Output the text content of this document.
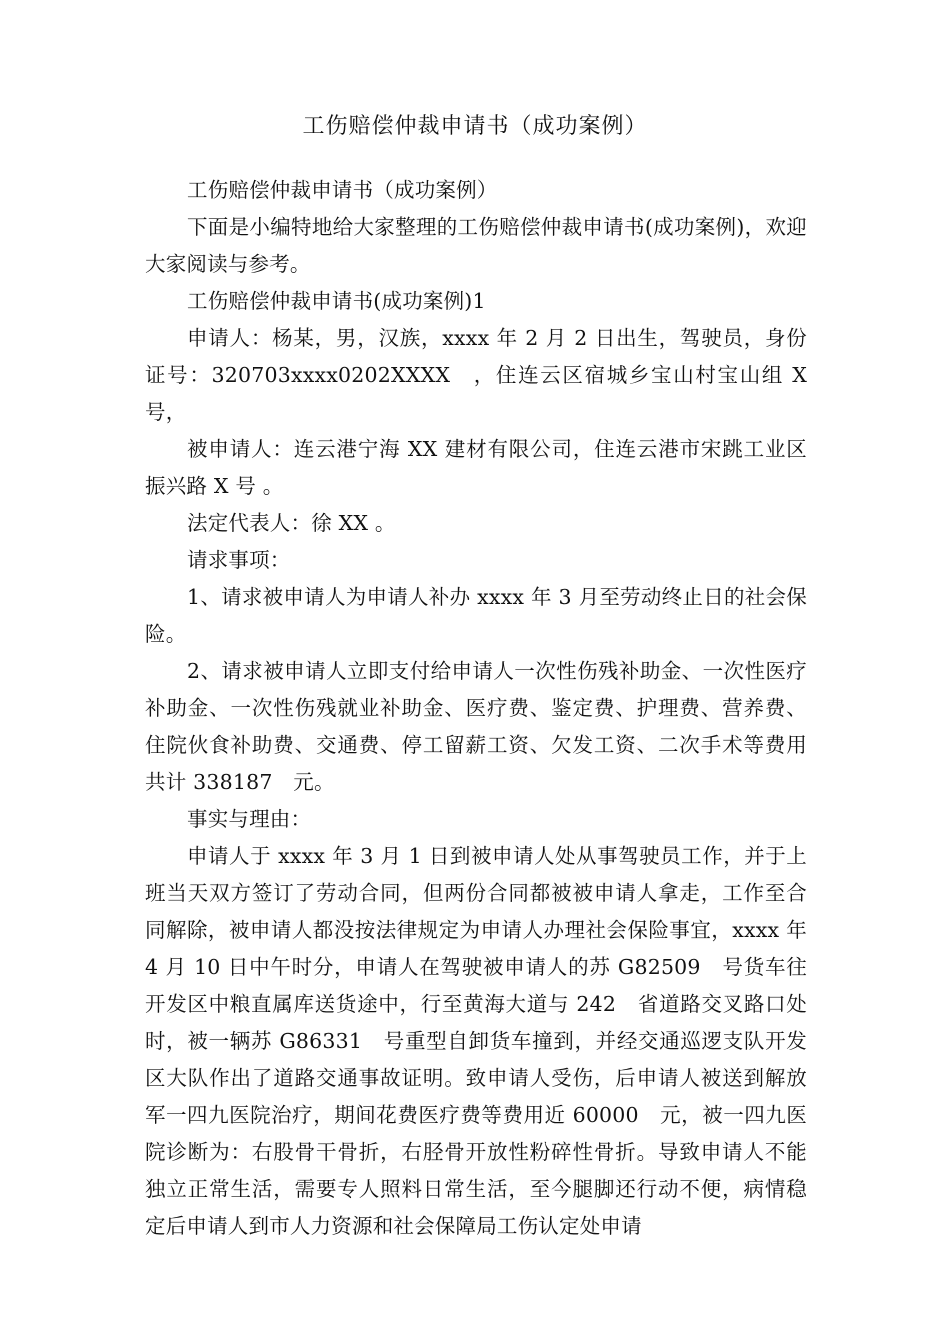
工伤赔偿仲裁申请书（成功案例）

工伤赔偿仲裁申请书（成功案例）

下面是小编特地给大家整理的工伤赔偿仲裁申请书(成功案例)，欢迎大家阅读与参考。

工伤赔偿仲裁申请书(成功案例)1

申请人：杨某，男，汉族，xxxx 年 2 月 2 日出生，驾驶员，身份证号：320703xxxx0202XXXX　，住连云区宿城乡宝山村宝山组 X 号，

被申请人：连云港宁海 XX 建材有限公司，住连云港市宋跳工业区振兴路 X 号 。

法定代表人：徐 XX 。

请求事项：

1、请求被申请人为申请人补办 xxxx 年 3 月至劳动终止日的社会保险。

2、请求被申请人立即支付给申请人一次性伤残补助金、一次性医疗补助金、一次性伤残就业补助金、医疗费、鉴定费、护理费、营养费、住院伙食补助费、交通费、停工留薪工资、欠发工资、二次手术等费用共计 338187　元。

事实与理由：

申请人于 xxxx 年 3 月 1 日到被申请人处从事驾驶员工作，并于上班当天双方签订了劳动合同，但两份合同都被被申请人拿走，工作至合同解除，被申请人都没按法律规定为申请人办理社会保险事宜，xxxx 年 4 月 10 日中午时分，申请人在驾驶被申请人的苏 G82509　号货车往开发区中粮直属库送货途中，行至黄海大道与 242　省道路交叉路口处时，被一辆苏 G86331　号重型自卸货车撞到，并经交通巡逻支队开发区大队作出了道路交通事故证明。致申请人受伤，后申请人被送到解放军一四九医院治疗，期间花费医疗费等费用近 60000　元，被一四九医院诊断为：右股骨干骨折，右胫骨开放性粉碎性骨折。导致申请人不能独立正常生活，需要专人照料日常生活，至今腿脚还行动不便，病情稳定后申请人到市人力资源和社会保障局工伤认定处申请
